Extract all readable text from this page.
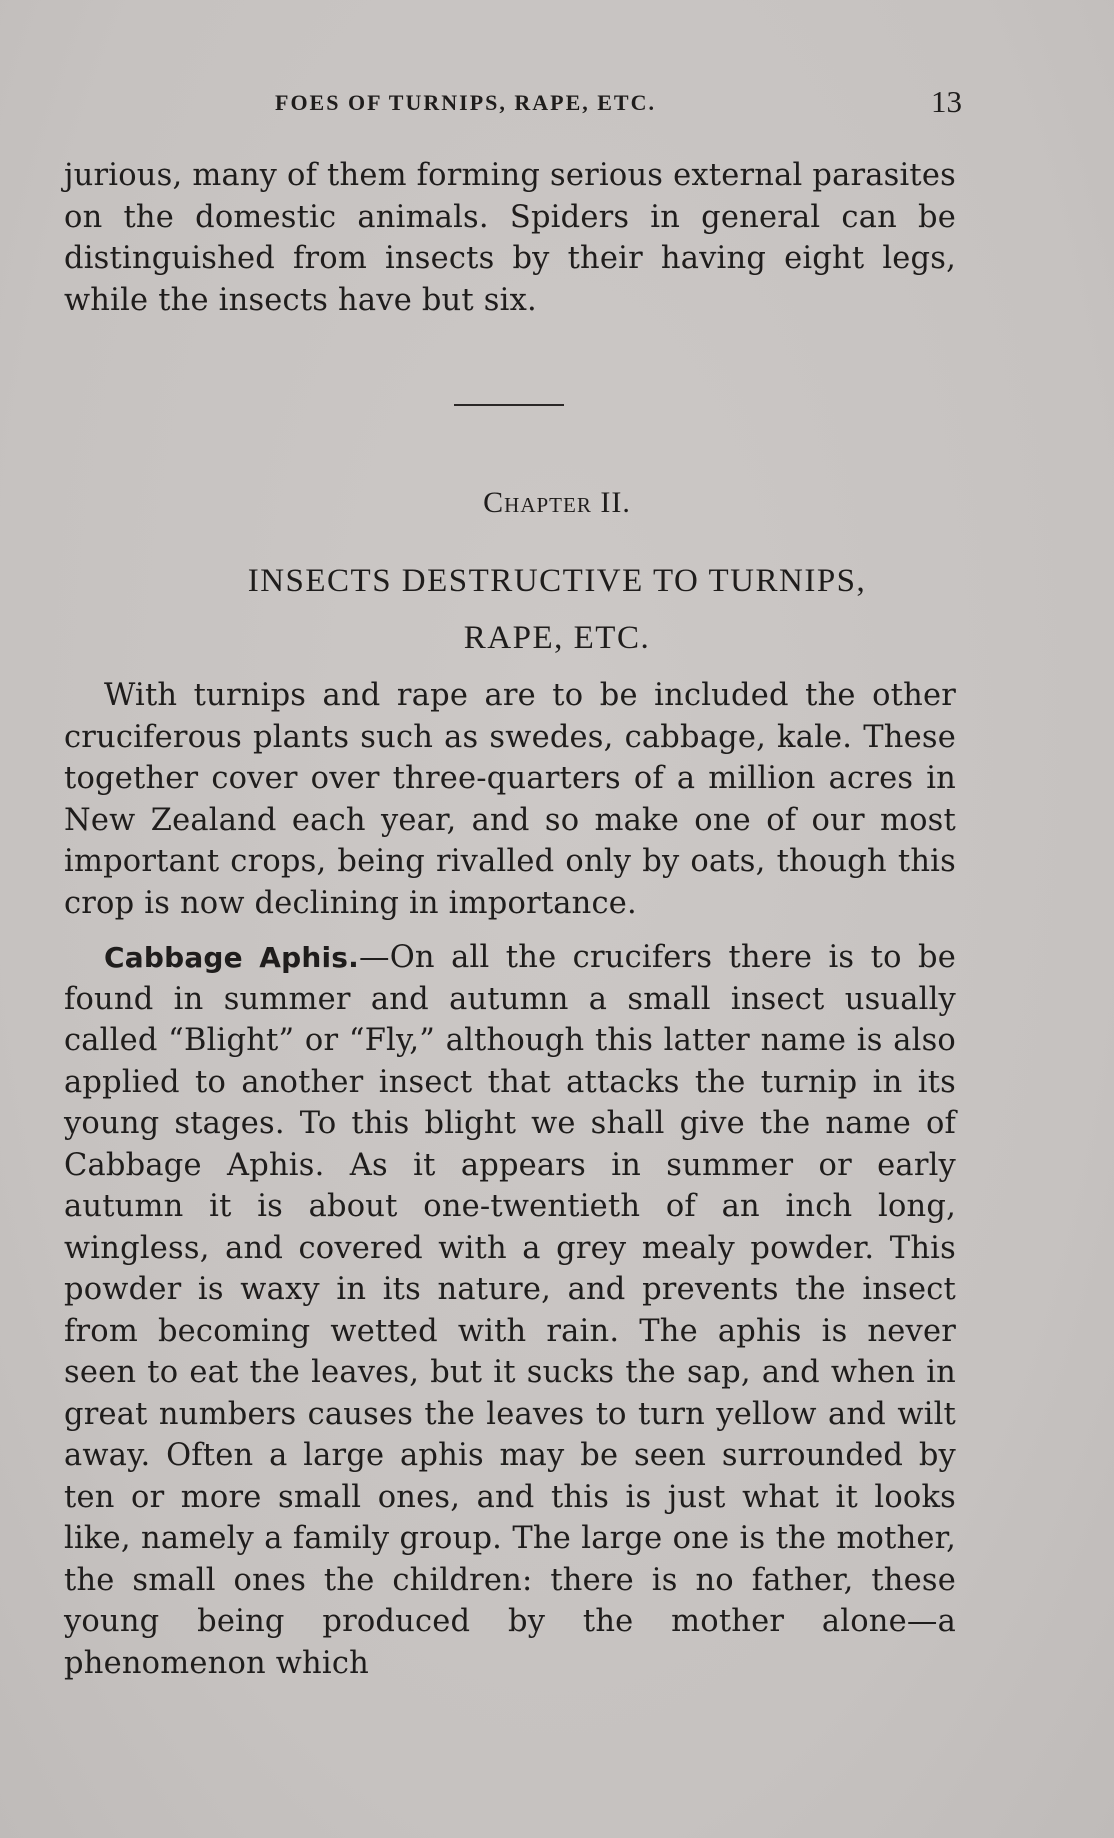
FOES OF TURNIPS, RAPE, ETC.	13

jurious, many of them forming serious external parasites on the domestic animals. Spiders in general can be distinguished from insects by their having eight legs, while the insects have but six.

Chapter II.
INSECTS DESTRUCTIVE TO TURNIPS,
RAPE, ETC.

With turnips and rape are to be included the other cruciferous plants such as swedes, cabbage, kale. These together cover over three-quarters of a million acres in New Zealand each year, and so make one of our most important crops, being rivalled only by oats, though this crop is now declining in importance.

Cabbage Aphis.—On all the crucifers there is to be found in summer and autumn a small insect usually called “Blight” or “Fly,” although this latter name is also applied to another insect that attacks the turnip in its young stages. To this blight we shall give the name of Cabbage Aphis. As it appears in summer or early autumn it is about one-twentieth of an inch long, wingless, and covered with a grey mealy powder. This powder is waxy in its nature, and prevents the insect from becoming wetted with rain. The aphis is never seen to eat the leaves, but it sucks the sap, and when in great numbers causes the leaves to turn yellow and wilt away. Often a large aphis may be seen surrounded by ten or more small ones, and this is just what it looks like, namely a family group. The large one is the mother, the small ones the children: there is no father, these young being produced by the mother alone—a phenomenon which
